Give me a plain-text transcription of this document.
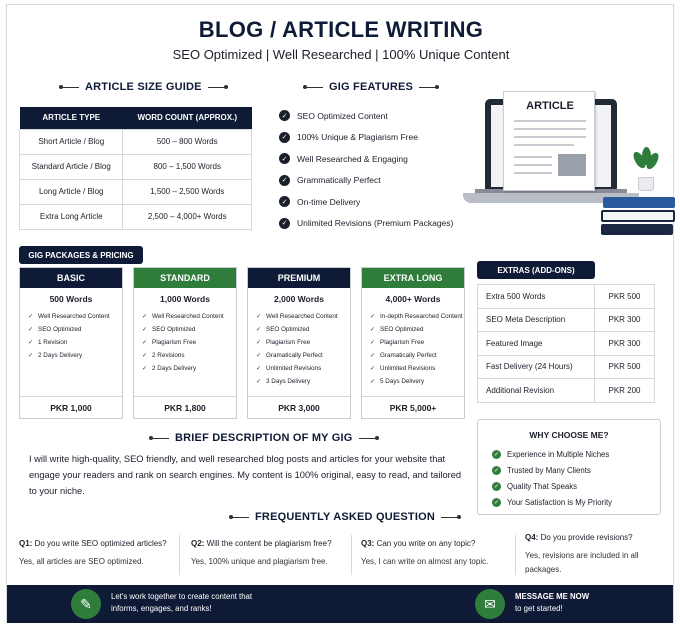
BLOG / ARTICLE WRITING
SEO Optimized | Well Researched | 100% Unique Content
ARTICLE SIZE GUIDE
ARTICLE TYPE	WORD COUNT (APPROX.)
Short Article / Blog	500 – 800 Words
Standard Article / Blog	800 – 1,500 Words
Long Article / Blog	1,500 – 2,500 Words
Extra Long Article	2,500 – 4,000+ Words
GIG FEATURES
✓	SEO Optimized Content
✓	100% Unique & Plagiarism Free
✓	Well Researched & Engaging
✓	Grammatically Perfect
✓	On-time Delivery
✓	Unlimited Revisions (Premium Packages)
ARTICLE
GIG PACKAGES & PRICING
BASIC
500 Words
✓ Well Researched Content
✓ SEO Optimized
✓ 1 Revision
✓ 2 Days Delivery
PKR 1,000
STANDARD
1,000 Words
✓ Well Researched Content
✓ SEO Optimized
✓ Plagiarism Free
✓ 2 Revisions
✓ 2 Days Delivery
PKR 1,800
PREMIUM
2,000 Words
✓ Well Researched Content
✓ SEO Optimized
✓ Plagiarism Free
✓ Gramatically Perfect
✓ Unlimited Revisions
✓ 3 Days Delivery
PKR 3,000
EXTRA LONG
4,000+ Words
✓ In-depth Researched Content
✓ SEO Optimized
✓ Plagiarism Free
✓ Gramatically Perfect
✓ Unlimited Revisions
✓ 5 Days Delivery
PKR 5,000+
EXTRAS (ADD-ONS)
Extra 500 Words	PKR 500
SEO Meta Description	PKR 300
Featured Image	PKR 300
Fast Delivery (24 Hours)	PKR 500
Additional Revision	PKR 200
WHY CHOOSE ME?
✓ Experience in Multiple Niches
✓ Trusted by Many Clients
✓ Quality That Speaks
✓ Your Satisfaction is My Priority
BRIEF DESCRIPTION OF MY GIG
I will write high-quality, SEO friendly, and well researched blog posts and articles for your website that engage your readers and rank on search engines. My content is 100% original, easy to read, and tailored to your niche.
FREQUENTLY ASKED QUESTION
Q1: Do you write SEO optimized articles?
Yes, all articles are SEO optimized.
Q2: Will the content be plagiarism free?
Yes, 100% unique and plagiarism free.
Q3: Can you write on any topic?
Yes, I can write on almost any topic.
Q4: Do you provide revisions?
Yes, revisions are included in all packages.
✎	Let's work together to create content that
informs, engages, and ranks!	✉	MESSAGE ME NOW
to get started!
